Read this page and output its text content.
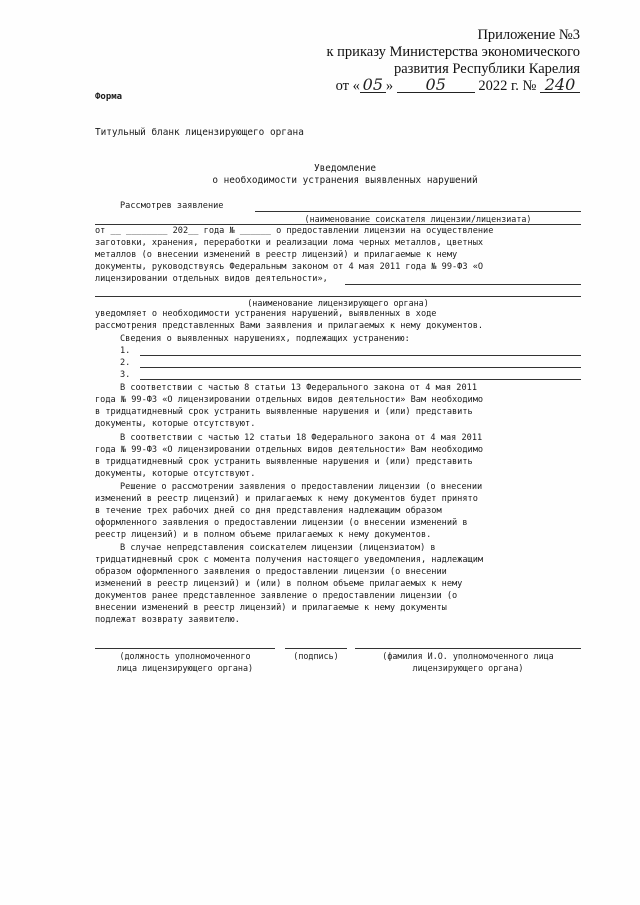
Приложение №3
к приказу Министерства экономического
развития Республики Карелия
от « 05 » 05 2022 г. № 240
Форма
Титульный бланк лицензирующего органа
Уведомление
о необходимости устранения выявленных нарушений
Рассмотрев заявление
(наименование соискателя лицензии/лицензиата)
от __ ________ 202__ года № ______ о предоставлении лицензии на осуществление
заготовки, хранения, переработки и реализации лома черных металлов, цветных
металлов (о внесении изменений в реестр лицензий) и прилагаемые к нему
документы, руководствуясь Федеральным законом от 4 мая 2011 года № 99-ФЗ «О
лицензировании отдельных видов деятельности»,
(наименование лицензирующего органа)
уведомляет о необходимости устранения нарушений, выявленных в ходе
рассмотрения представленных Вами заявления и прилагаемых к нему документов.
Сведения о выявленных нарушениях, подлежащих устранению:
1.
2.
3.
В соответствии с частью 8 статьи 13 Федерального закона от 4 мая 2011
года № 99-ФЗ «О лицензировании отдельных видов деятельности» Вам необходимо
в тридцатидневный срок устранить выявленные нарушения и (или) представить
документы, которые отсутствуют.
В соответствии с частью 12 статьи 18 Федерального закона от 4 мая 2011
года № 99-ФЗ «О лицензировании отдельных видов деятельности» Вам необходимо
в тридцатидневный срок устранить выявленные нарушения и (или) представить
документы, которые отсутствуют.
Решение о рассмотрении заявления о предоставлении лицензии (о внесении
изменений в реестр лицензий) и прилагаемых к нему документов будет принято
в течение трех рабочих дней со дня представления надлежащим образом
оформленного заявления о предоставлении лицензии (о внесении изменений в
реестр лицензий) и в полном объеме прилагаемых к нему документов.
В случае непредставления соискателем лицензии (лицензиатом) в
тридцатидневный срок с момента получения настоящего уведомления, надлежащим
образом оформленного заявления о предоставлении лицензии (о внесении
изменений в реестр лицензий) и (или) в полном объеме прилагаемых к нему
документов ранее представленное заявление о предоставлении лицензии (о
внесении изменений в реестр лицензий) и прилагаемые к нему документы
подлежат возврату заявителю.
(должность уполномоченного
лица лицензирующего органа)
(подпись)	(фамилия И.О. уполномоченного лица
лицензирующего органа)
